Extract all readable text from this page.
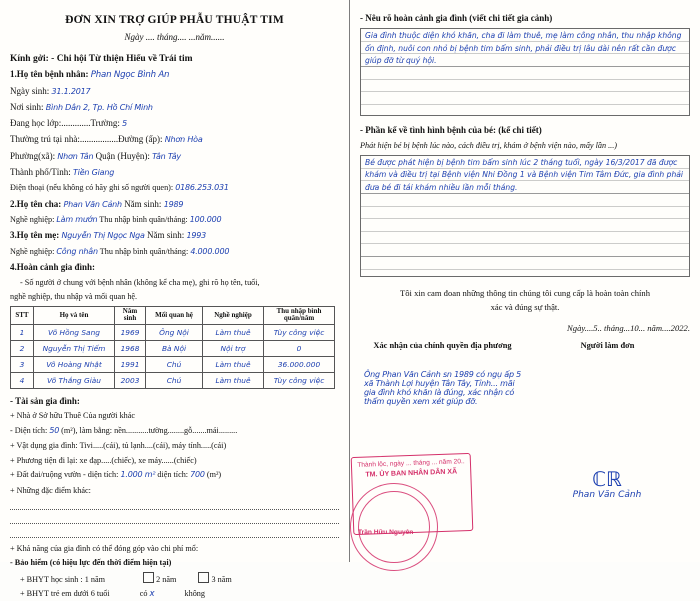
ĐƠN XIN TRỢ GIÚP PHẪU THUẬT TIM
Ngày .... tháng.... ...năm......
Kính gởi: - Chi hội Từ thiện Hiểu về Trái tim
1.Họ tên bệnh nhân: Phan Ngọc Bình An
Ngày sinh: 31.1.2017
Nơi sinh: Bình Dân 2, Tp. Hồ Chí Minh
Đang học lớp:.............Trường: 5
Thường trú tại nhà:.................Đường (ấp): Nhơn Hòa
Phường(xã): Nhơn Tân Quận (Huyện): Tân Tây
Thành phố/Tỉnh: Tiền Giang
Điện thoại (nếu không có hãy ghi số người quen): 0186.253.031
2.Họ tên cha: Phan Văn Cảnh Năm sinh: 1989
Nghề nghiệp: Làm mướn Thu nhập bình quân/tháng: 100.000
3.Họ tên mẹ: Nguyễn Thị Ngọc Nga Năm sinh: 1993
Nghề nghiệp: Công nhân Thu nhập bình quân/tháng: 4.000.000
4.Hoàn cảnh gia đình:
- Số người ở chung với bệnh nhân (không kể cha mẹ), ghi rõ họ tên, tuổi,
nghề nghiệp, thu nhập và mối quan hệ.
STT	Họ và tên	Năm sinh	Mối quan hệ	Nghề nghiệp	Thu nhập bình quân/năm
1	Võ Hồng Sang	1969	Ông Nội	Làm thuê	Tùy công việc
2	Nguyễn Thị Tiếm	1968	Bà Nội	Nội trợ	0
3	Võ Hoàng Nhật	1991	Chú	Làm thuê	36.000.000
4	Võ Thắng Giàu	2003	Chú	Làm thuê	Tùy công việc
- Tài sản gia đình:
+ Nhà ở Sở hữu Thuê Của người khác
- Diện tích: 50 (m²), làm bằng: nền...........tường........gỗ.......mái.........
+ Vật dụng gia đình: Tivi.....(cái), tủ lạnh....(cái), máy tính.....(cái)
+ Phương tiện đi lại: xe đạp.....(chiếc), xe máy......(chiếc)
+ Đất đai/ruộng vườn - diện tích: 1.000 m² diện tích: 700 (m²)
+ Những đặc điểm khác:
+ Khả năng của gia đình có thể đóng góp vào chi phí mổ:
- Bảo hiểm (có hiệu lực đến thời điểm hiện tại)
+ BHYT học sinh : 1 năm	2 năm	3 năm
+ BHYT trẻ em dưới 6 tuổi	có x	không
- Nêu rõ hoàn cảnh gia đình (viết chi tiết gia cảnh)
Gia đình thuộc diện khó khăn, cha đi làm thuê, mẹ làm công nhân, thu nhập không ổn định, nuôi con nhỏ bị bệnh tim bẩm sinh, phải điều trị lâu dài nên rất cần được giúp đỡ từ quý hội.
- Phần kể về tình hình bệnh của bé: (kể chi tiết)
Phát hiện bé bị bệnh lúc nào, cách điều trị, khám ở bệnh viện nào, mấy lần ...)
Bé được phát hiện bị bệnh tim bẩm sinh lúc 2 tháng tuổi, ngày 16/3/2017 đã được khám và điều trị tại Bệnh viện Nhi Đồng 1 và Bệnh viện Tim Tâm Đức, gia đình phải đưa bé đi tái khám nhiều lần mỗi tháng.
Tôi xin cam đoan những thông tin chúng tôi cung cấp là hoàn toàn chính
xác và đúng sự thật.
Ngày....5.. tháng...10... năm....2022.
Xác nhận của chính quyền địa phương	Người làm đơn
Ông Phan Văn Cảnh sn 1989 có ngụ ấp 5 xã Thành Lợi huyện Tân Tây, Tỉnh... mãi gia đình khó khăn là đúng, xác nhận có thẩm quyền xem xét giúp đỡ.
Thành lộc, ngày ... tháng ... năm 20..
TM. ỦY BAN NHÂN DÂN XÃ
Trần Hữu Nguyên
ℂℝ
Phan Văn Cảnh
